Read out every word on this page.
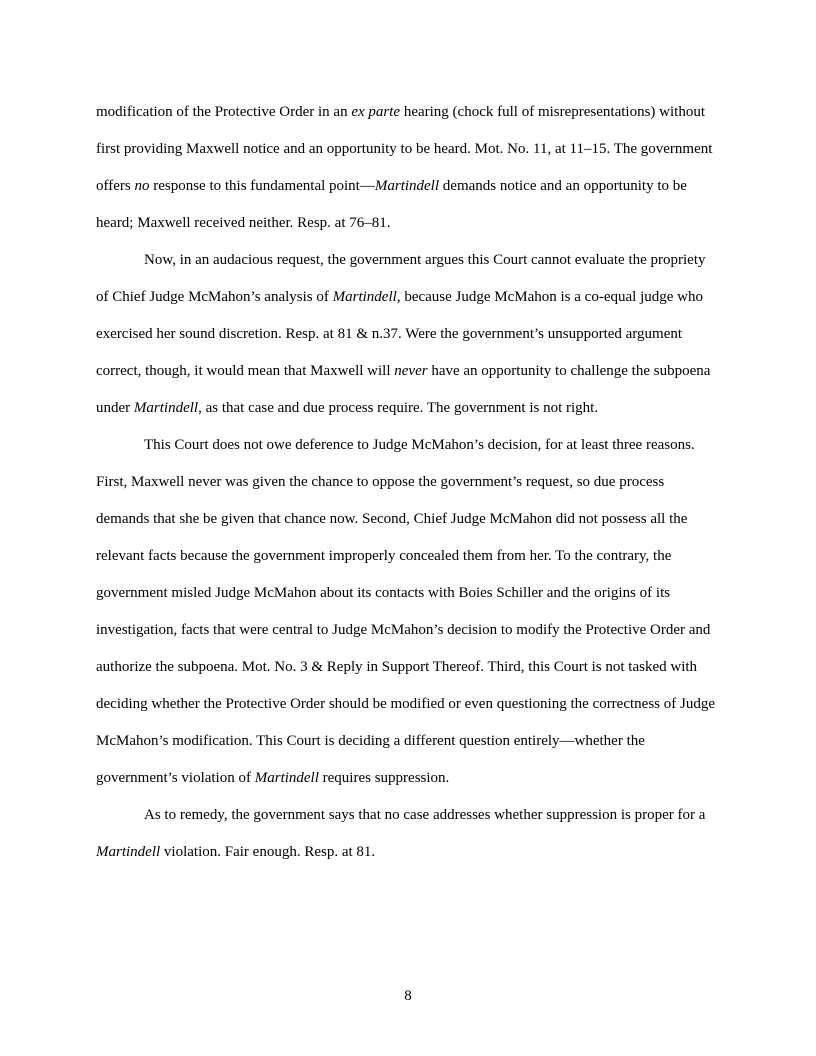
modification of the Protective Order in an ex parte hearing (chock full of misrepresentations) without first providing Maxwell notice and an opportunity to be heard. Mot. No. 11, at 11–15. The government offers no response to this fundamental point—Martindell demands notice and an opportunity to be heard; Maxwell received neither. Resp. at 76–81.

Now, in an audacious request, the government argues this Court cannot evaluate the propriety of Chief Judge McMahon’s analysis of Martindell, because Judge McMahon is a co-equal judge who exercised her sound discretion. Resp. at 81 & n.37. Were the government’s unsupported argument correct, though, it would mean that Maxwell will never have an opportunity to challenge the subpoena under Martindell, as that case and due process require. The government is not right.

This Court does not owe deference to Judge McMahon’s decision, for at least three reasons. First, Maxwell never was given the chance to oppose the government’s request, so due process demands that she be given that chance now. Second, Chief Judge McMahon did not possess all the relevant facts because the government improperly concealed them from her. To the contrary, the government misled Judge McMahon about its contacts with Boies Schiller and the origins of its investigation, facts that were central to Judge McMahon’s decision to modify the Protective Order and authorize the subpoena. Mot. No. 3 & Reply in Support Thereof. Third, this Court is not tasked with deciding whether the Protective Order should be modified or even questioning the correctness of Judge McMahon’s modification. This Court is deciding a different question entirely—whether the government’s violation of Martindell requires suppression.

As to remedy, the government says that no case addresses whether suppression is proper for a Martindell violation. Fair enough. Resp. at 81.

8
